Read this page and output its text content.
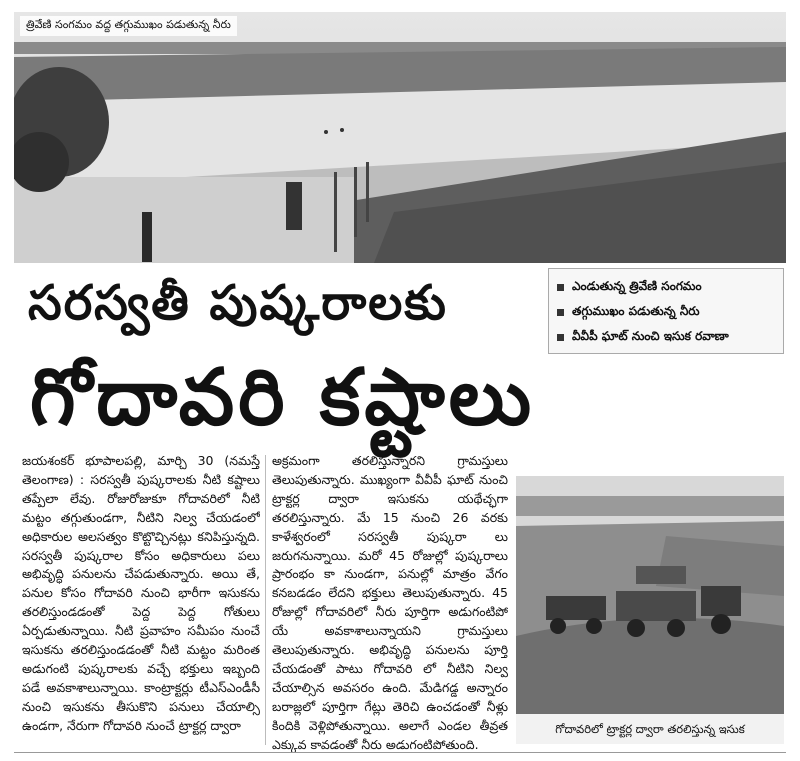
త్రివేణి సంగమం వద్ద తగ్గుముఖం పడుతున్న నీరు
సరస్వతీ పుష్కరాలకు
గోదావరి కష్టాలు
ఎండుతున్న త్రివేణి సంగమం
తగ్గుముఖం పడుతున్న నీరు
వీవీపీ ఘాట్ నుంచి ఇసుక రవాణా
జయశంకర్ భూపాలపల్లి, మార్చి 30 (నమస్తే తెలంగాణ) : సరస్వతీ పుష్కరాలకు నీటి కష్టాలు తప్పేలా లేవు. రోజురోజుకూ గోదావరిలో నీటి మట్టం తగ్గుతుండగా, నీటిని నిల్వ చేయడంలో అధికారుల అలసత్వం కొట్టొచ్చినట్లు కనిపిస్తున్నది. సరస్వతీ పుష్కరాల కోసం అధికారులు పలు అభివృద్ధి పనులను చేపడుతున్నారు. అయి తే, పనుల కోసం గోదావరి నుంచి భారీగా ఇసుకను తరలిస్తుండడంతో పెద్ద పెద్ద గోతులు ఏర్పడుతున్నాయి. నీటి ప్రవాహం సమీపం నుంచే ఇసుకను తరలిస్తుండడంతో నీటి మట్టం మరింత అడుగంటి పుష్కరాలకు వచ్చే భక్తులు ఇబ్బంది పడే అవకాశాలున్నాయి. కాంట్రాక్టర్లు టీఎస్ఎండీసీ నుంచి ఇసుకను తీసుకొని పనులు చేయాల్సి ఉండగా, నేరుగా గోదావరి నుంచే ట్రాక్టర్ల ద్వారా
అక్రమంగా తరలిస్తున్నారని గ్రామస్తులు తెలుపుతున్నారు. ముఖ్యంగా వీవీపీ ఘాట్ నుంచి ట్రాక్టర్ల ద్వారా ఇసుకను యథేచ్ఛగా తరలిస్తున్నారు. మే 15 నుంచి 26 వరకు కాళేశ్వరంలో సరస్వతీ పుష్కరా లు జరుగనున్నాయి. మరో 45 రోజుల్లో పుష్కరాలు ప్రారంభం కా నుండగా, పనుల్లో మాత్రం వేగం కనబడడం లేదని భక్తులు తెలుపుతున్నారు. 45 రోజుల్లో గోదావరిలో నీరు పూర్తిగా అడుగంటిపో యే అవకాశాలున్నాయని గ్రామస్తులు తెలుపుతున్నారు. అభివృద్ధి పనులను పూర్తి చేయడంతో పాటు గోదావరి లో నీటిని నిల్వ చేయాల్సిన అవసరం ఉంది. మేడిగడ్డ అన్నారం బరాజ్లలో పూర్తిగా గేట్లు తెరిచి ఉంచడంతో నీళ్లు కిందికి వెళ్లిపోతున్నాయి. అలాగే ఎండల తీవ్రత ఎక్కువ కావడంతో నీరు అడుగంటిపోతుంది.
గోదావరిలో ట్రాక్టర్ల ద్వారా తరలిస్తున్న ఇసుక
